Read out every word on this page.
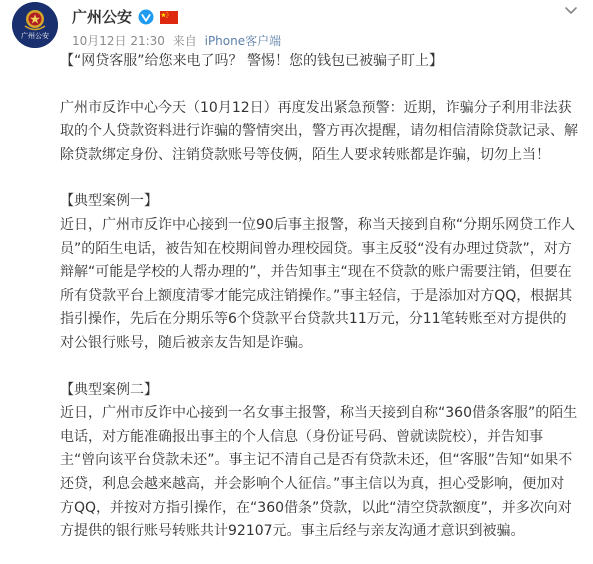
广州公安
广州公安
10月12日 21:30 来自 iPhone客户端

【“网贷客服”给您来电了吗？ 警惕！您的钱包已被骗子盯上】

广州市反诈中心今天（10月12日）再度发出紧急预警：近期，诈骗分子利用非法获取的个人贷款资料进行诈骗的警情突出，警方再次提醒，请勿相信清除贷款记录、解除贷款绑定身份、注销贷款账号等伎俩，陌生人要求转账都是诈骗，切勿上当！

【典型案例一】

近日，广州市反诈中心接到一位90后事主报警，称当天接到自称“分期乐网贷工作人员”的陌生电话，被告知在校期间曾办理校园贷。事主反驳“没有办理过贷款”，对方辩解“可能是学校的人帮办理的”，并告知事主“现在不贷款的账户需要注销，但要在所有贷款平台上额度清零才能完成注销操作。”事主轻信，于是添加对方QQ，根据其指引操作，先后在分期乐等6个贷款平台贷款共11万元，分11笔转账至对方提供的对公银行账号，随后被亲友告知是诈骗。

【典型案例二】

近日，广州市反诈中心接到一名女事主报警，称当天接到自称“360借条客服”的陌生电话，对方能准确报出事主的个人信息（身份证号码、曾就读院校），并告知事主“曾向该平台贷款未还”。事主记不清自己是否有贷款未还，但“客服”告知“如果不还贷，利息会越来越高，并会影响个人征信。”事主信以为真，担心受影响，便加对方QQ，并按对方指引操作，在“360借条”贷款，以此“清空贷款额度”，并多次向对方提供的银行账号转账共计92107元。事主后经与亲友沟通才意识到被骗。
